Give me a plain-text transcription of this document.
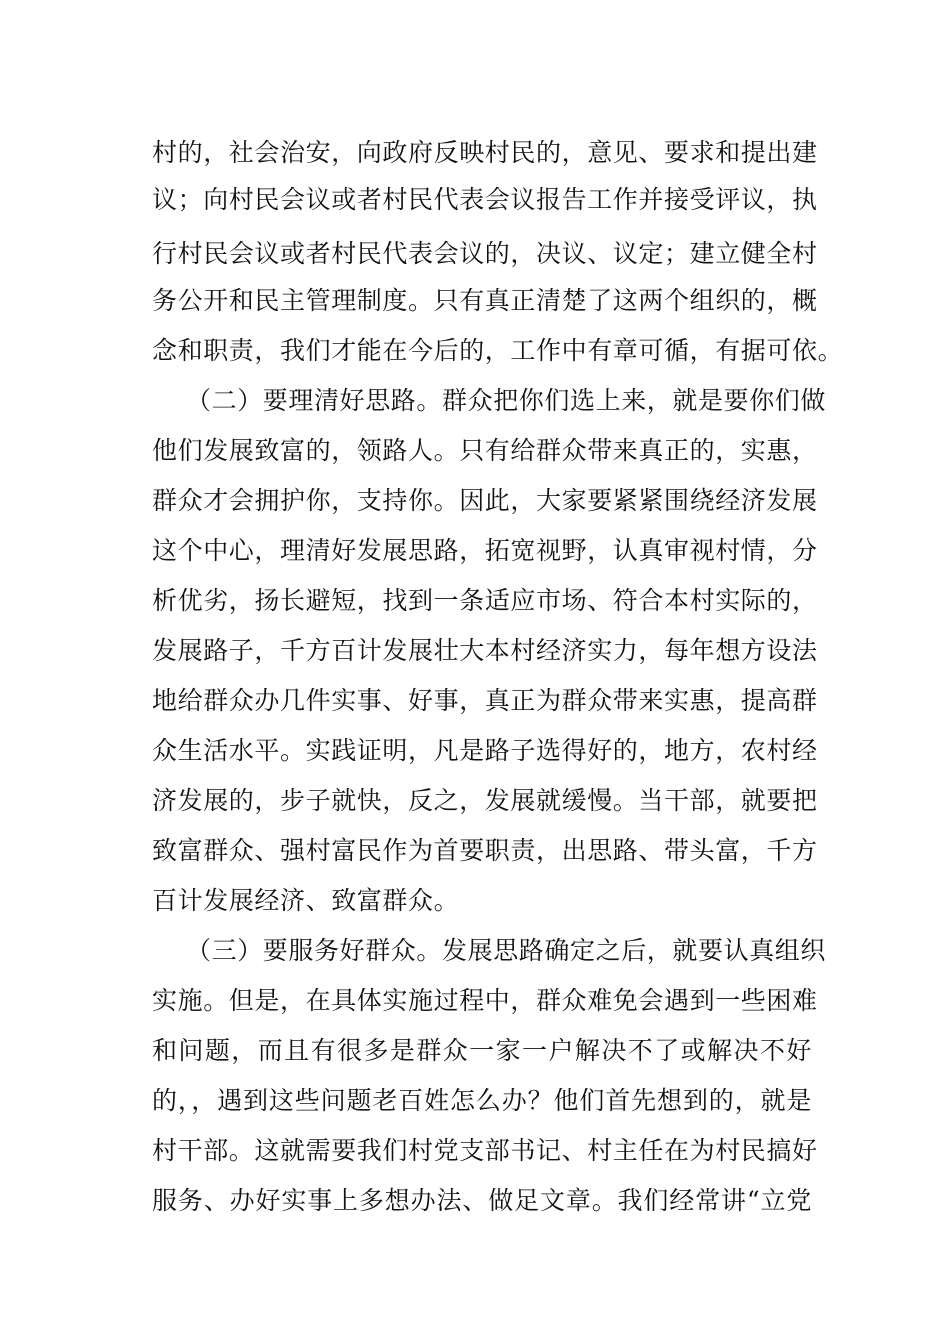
村的，社会治安，向政府反映村民的，意见、要求和提出建
议；向村民会议或者村民代表会议报告工作并接受评议，执
行村民会议或者村民代表会议的，决议、议定；建立健全村
务公开和民主管理制度。只有真正清楚了这两个组织的，概
念和职责，我们才能在今后的，工作中有章可循，有据可依。
（二）要理清好思路。群众把你们选上来，就是要你们做
他们发展致富的，领路人。只有给群众带来真正的，实惠，
群众才会拥护你，支持你。因此，大家要紧紧围绕经济发展
这个中心，理清好发展思路，拓宽视野，认真审视村情，分
析优劣，扬长避短，找到一条适应市场、符合本村实际的，
发展路子，千方百计发展壮大本村经济实力，每年想方设法
地给群众办几件实事、好事，真正为群众带来实惠，提高群
众生活水平。实践证明，凡是路子选得好的，地方，农村经
济发展的，步子就快，反之，发展就缓慢。当干部，就要把
致富群众、强村富民作为首要职责，出思路、带头富，千方
百计发展经济、致富群众。
（三）要服务好群众。发展思路确定之后，就要认真组织
实施。但是，在具体实施过程中，群众难免会遇到一些困难
和问题，而且有很多是群众一家一户解决不了或解决不好
的，，遇到这些问题老百姓怎么办？他们首先想到的，就是
村干部。这就需要我们村党支部书记、村主任在为村民搞好
服务、办好实事上多想办法、做足文章。我们经常讲“立党
